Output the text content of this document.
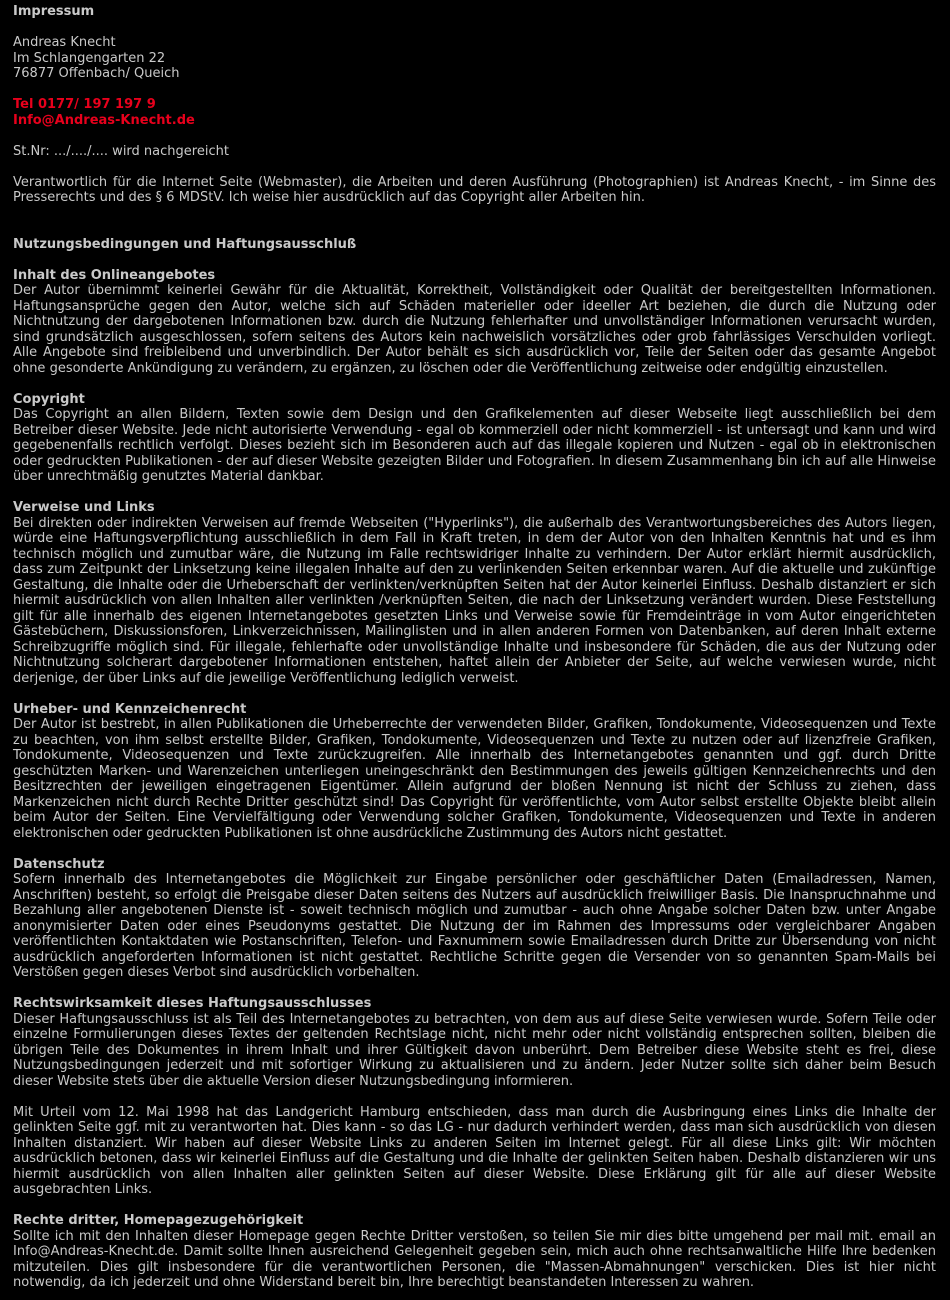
Impressum

Andreas Knecht
Im Schlangengarten 22
76877 Offenbach/ Queich
Tel 0177/ 197 197 9
Info@Andreas-Knecht.de

St.Nr: .../..../.... wird nachgereicht

Verantwortlich für die Internet Seite (Webmaster), die Arbeiten und deren Ausführung (Photographien) ist Andreas Knecht, - im Sinne des Presserechts und des § 6 MDStV. Ich weise hier ausdrücklich auf das Copyright aller Arbeiten hin.

Nutzungsbedingungen und Haftungsausschluß

Inhalt des Onlineangebotes

Der Autor übernimmt keinerlei Gewähr für die Aktualität, Korrektheit, Vollständigkeit oder Qualität der bereitgestellten Informationen. Haftungsansprüche gegen den Autor, welche sich auf Schäden materieller oder ideeller Art beziehen, die durch die Nutzung oder Nichtnutzung der dargebotenen Informationen bzw. durch die Nutzung fehlerhafter und unvollständiger Informationen verursacht wurden, sind grundsätzlich ausgeschlossen, sofern seitens des Autors kein nachweislich vorsätzliches oder grob fahrlässiges Verschulden vorliegt. Alle Angebote sind freibleibend und unverbindlich. Der Autor behält es sich ausdrücklich vor, Teile der Seiten oder das gesamte Angebot ohne gesonderte Ankündigung zu verändern, zu ergänzen, zu löschen oder die Veröffentlichung zeitweise oder endgültig einzustellen.

Copyright

Das Copyright an allen Bildern, Texten sowie dem Design und den Grafikelementen auf dieser Webseite liegt ausschließlich bei dem Betreiber dieser Website. Jede nicht autorisierte Verwendung - egal ob kommerziell oder nicht kommerziell - ist untersagt und kann und wird gegebenenfalls rechtlich verfolgt. Dieses bezieht sich im Besonderen auch auf das illegale kopieren und Nutzen - egal ob in elektronischen oder gedruckten Publikationen - der auf dieser Website gezeigten Bilder und Fotografien. In diesem Zusammenhang bin ich auf alle Hinweise über unrechtmäßig genutztes Material dankbar.

Verweise und Links

Bei direkten oder indirekten Verweisen auf fremde Webseiten ("Hyperlinks"), die außerhalb des Verantwortungsbereiches des Autors liegen, würde eine Haftungsverpflichtung ausschließlich in dem Fall in Kraft treten, in dem der Autor von den Inhalten Kenntnis hat und es ihm technisch möglich und zumutbar wäre, die Nutzung im Falle rechtswidriger Inhalte zu verhindern. Der Autor erklärt hiermit ausdrücklich, dass zum Zeitpunkt der Linksetzung keine illegalen Inhalte auf den zu verlinkenden Seiten erkennbar waren. Auf die aktuelle und zukünftige Gestaltung, die Inhalte oder die Urheberschaft der verlinkten/verknüpften Seiten hat der Autor keinerlei Einfluss. Deshalb distanziert er sich hiermit ausdrücklich von allen Inhalten aller verlinkten /verknüpften Seiten, die nach der Linksetzung verändert wurden. Diese Feststellung gilt für alle innerhalb des eigenen Internetangebotes gesetzten Links und Verweise sowie für Fremdeinträge in vom Autor eingerichteten Gästebüchern, Diskussionsforen, Linkverzeichnissen, Mailinglisten und in allen anderen Formen von Datenbanken, auf deren Inhalt externe Schreibzugriffe möglich sind. Für illegale, fehlerhafte oder unvollständige Inhalte und insbesondere für Schäden, die aus der Nutzung oder Nichtnutzung solcherart dargebotener Informationen entstehen, haftet allein der Anbieter der Seite, auf welche verwiesen wurde, nicht derjenige, der über Links auf die jeweilige Veröffentlichung lediglich verweist.

Urheber- und Kennzeichenrecht

Der Autor ist bestrebt, in allen Publikationen die Urheberrechte der verwendeten Bilder, Grafiken, Tondokumente, Videosequenzen und Texte zu beachten, von ihm selbst erstellte Bilder, Grafiken, Tondokumente, Videosequenzen und Texte zu nutzen oder auf lizenzfreie Grafiken, Tondokumente, Videosequenzen und Texte zurückzugreifen. Alle innerhalb des Internetangebotes genannten und ggf. durch Dritte geschützten Marken- und Warenzeichen unterliegen uneingeschränkt den Bestimmungen des jeweils gültigen Kennzeichenrechts und den Besitzrechten der jeweiligen eingetragenen Eigentümer. Allein aufgrund der bloßen Nennung ist nicht der Schluss zu ziehen, dass Markenzeichen nicht durch Rechte Dritter geschützt sind! Das Copyright für veröffentlichte, vom Autor selbst erstellte Objekte bleibt allein beim Autor der Seiten. Eine Vervielfältigung oder Verwendung solcher Grafiken, Tondokumente, Videosequenzen und Texte in anderen elektronischen oder gedruckten Publikationen ist ohne ausdrückliche Zustimmung des Autors nicht gestattet.

Datenschutz

Sofern innerhalb des Internetangebotes die Möglichkeit zur Eingabe persönlicher oder geschäftlicher Daten (Emailadressen, Namen, Anschriften) besteht, so erfolgt die Preisgabe dieser Daten seitens des Nutzers auf ausdrücklich freiwilliger Basis. Die Inanspruchnahme und Bezahlung aller angebotenen Dienste ist - soweit technisch möglich und zumutbar - auch ohne Angabe solcher Daten bzw. unter Angabe anonymisierter Daten oder eines Pseudonyms gestattet. Die Nutzung der im Rahmen des Impressums oder vergleichbarer Angaben veröffentlichten Kontaktdaten wie Postanschriften, Telefon- und Faxnummern sowie Emailadressen durch Dritte zur Übersendung von nicht ausdrücklich angeforderten Informationen ist nicht gestattet. Rechtliche Schritte gegen die Versender von so genannten Spam-Mails bei Verstößen gegen dieses Verbot sind ausdrücklich vorbehalten.

Rechtswirksamkeit dieses Haftungsausschlusses

Dieser Haftungsausschluss ist als Teil des Internetangebotes zu betrachten, von dem aus auf diese Seite verwiesen wurde. Sofern Teile oder einzelne Formulierungen dieses Textes der geltenden Rechtslage nicht, nicht mehr oder nicht vollständig entsprechen sollten, bleiben die übrigen Teile des Dokumentes in ihrem Inhalt und ihrer Gültigkeit davon unberührt. Dem Betreiber diese Website steht es frei, diese Nutzungsbedingungen jederzeit und mit sofortiger Wirkung zu aktualisieren und zu ändern. Jeder Nutzer sollte sich daher beim Besuch dieser Website stets über die aktuelle Version dieser Nutzungsbedingung informieren.

Mit Urteil vom 12. Mai 1998 hat das Landgericht Hamburg entschieden, dass man durch die Ausbringung eines Links die Inhalte der gelinkten Seite ggf. mit zu verantworten hat. Dies kann - so das LG - nur dadurch verhindert werden, dass man sich ausdrücklich von diesen Inhalten distanziert. Wir haben auf dieser Website Links zu anderen Seiten im Internet gelegt. Für all diese Links gilt: Wir möchten ausdrücklich betonen, dass wir keinerlei Einfluss auf die Gestaltung und die Inhalte der gelinkten Seiten haben. Deshalb distanzieren wir uns hiermit ausdrücklich von allen Inhalten aller gelinkten Seiten auf dieser Website. Diese Erklärung gilt für alle auf dieser Website ausgebrachten Links.

Rechte dritter, Homepagezugehörigkeit

Sollte ich mit den Inhalten dieser Homepage gegen Rechte Dritter verstoßen, so teilen Sie mir dies bitte umgehend per mail mit. email an Info@Andreas-Knecht.de. Damit sollte Ihnen ausreichend Gelegenheit gegeben sein, mich auch ohne rechtsanwaltliche Hilfe Ihre bedenken mitzuteilen. Dies gilt insbesondere für die verantwortlichen Personen, die "Massen-Abmahnungen" verschicken. Dies ist hier nicht notwendig, da ich jederzeit und ohne Widerstand bereit bin, Ihre berechtigt beanstandeten Interessen zu wahren.
